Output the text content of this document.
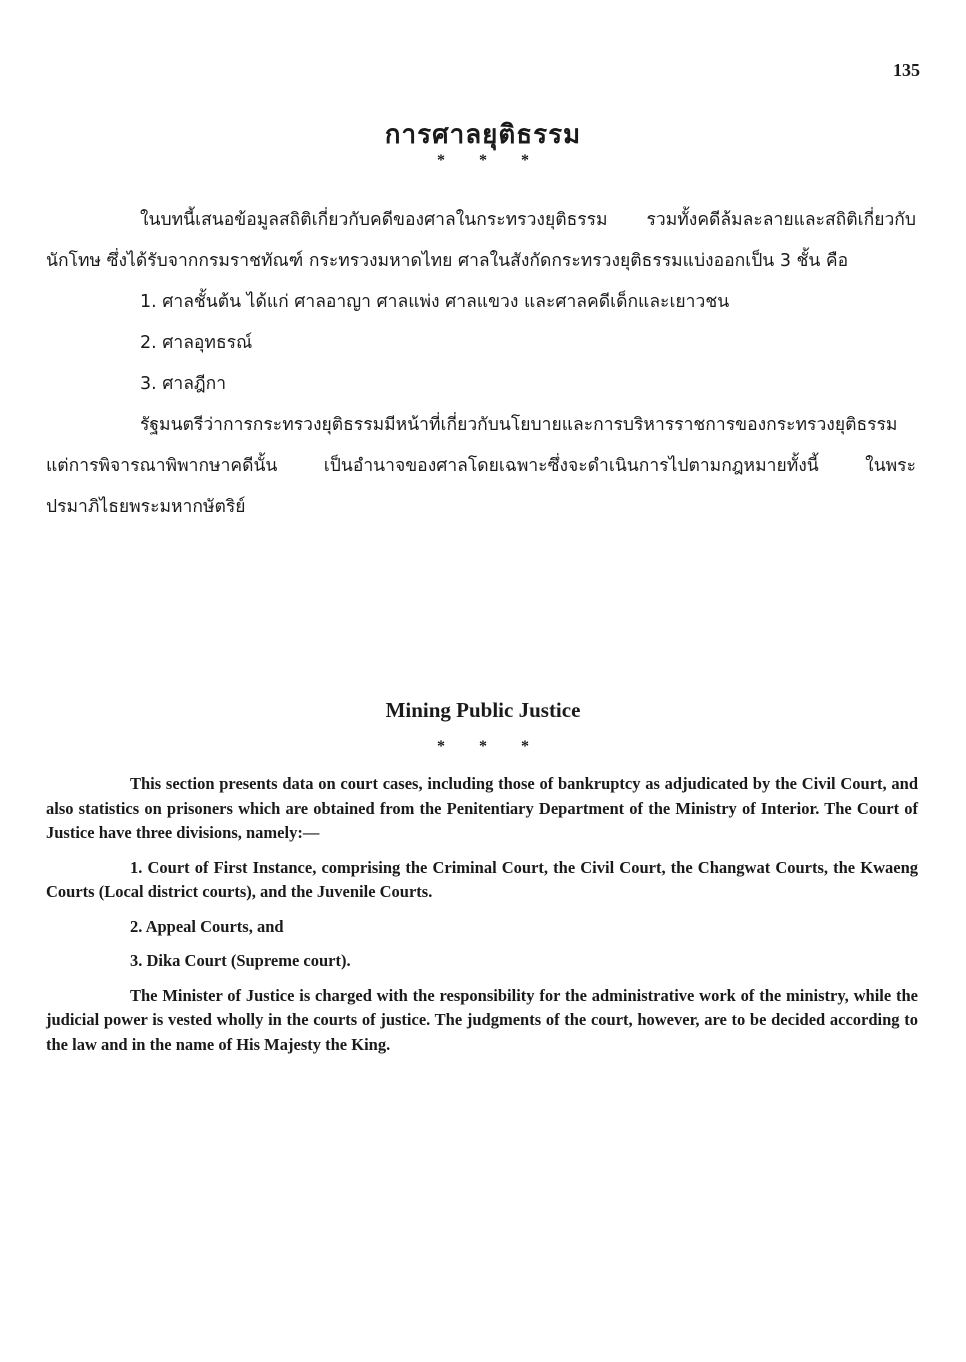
135
การศาลยุติธรรม
* * *

ในบทนี้เสนอข้อมูลสถิติเกี่ยวกับคดีของศาลในกระทรวงยุติธรรม รวมทั้งคดีล้มละลายและสถิติเกี่ยวกับนักโทษ ซึ่งได้รับจากกรมราชทัณฑ์ กระทรวงมหาดไทย ศาลในสังกัดกระทรวงยุติธรรมแบ่งออกเป็น 3 ชั้น คือ

1. ศาลชั้นต้น ได้แก่ ศาลอาญา ศาลแพ่ง ศาลแขวง และศาลคดีเด็กและเยาวชน

2. ศาลอุทธรณ์

3. ศาลฎีกา

รัฐมนตรีว่าการกระทรวงยุติธรรมมีหน้าที่เกี่ยวกับนโยบายและการบริหารราชการของกระทรวงยุติธรรม แต่การพิจารณาพิพากษาคดีนั้น เป็นอำนาจของศาลโดยเฉพาะซึ่งจะดำเนินการไปตามกฎหมายทั้งนี้ ในพระปรมาภิไธยพระมหากษัตริย์

Mining Public Justice
* * *

This section presents data on court cases, including those of bankruptcy as adjudicated by the Civil Court, and also statistics on prisoners which are obtained from the Penitentiary Department of the Ministry of Interior. The Court of Justice have three divisions, namely:—

1. Court of First Instance, comprising the Criminal Court, the Civil Court, the Changwat Courts, the Kwaeng Courts (Local district courts), and the Juvenile Courts.

2. Appeal Courts, and

3. Dika Court (Supreme court).

The Minister of Justice is charged with the responsibility for the administrative work of the ministry, while the judicial power is vested wholly in the courts of justice. The judgments of the court, however, are to be decided according to the law and in the name of His Majesty the King.
